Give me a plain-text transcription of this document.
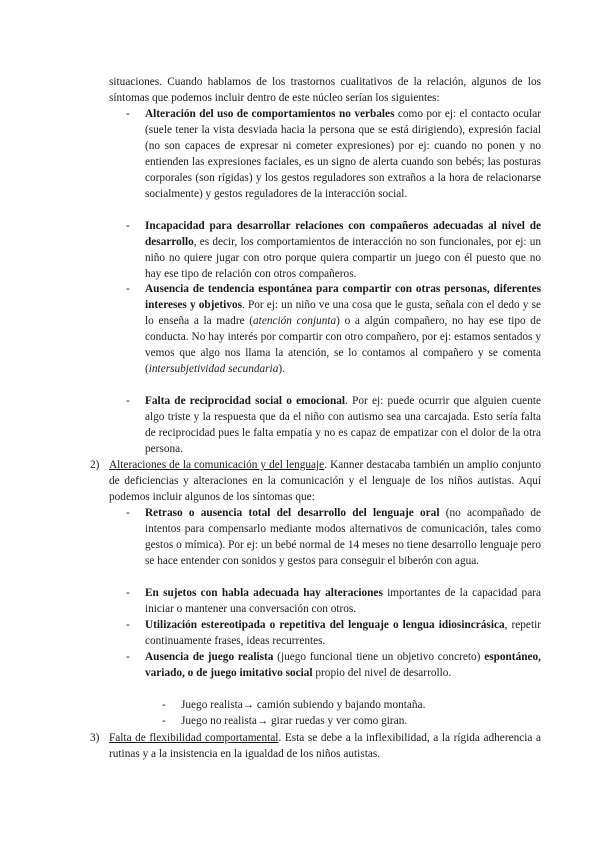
situaciones. Cuando hablamos de los trastornos cualitativos de la relación, algunos de los síntomas que podemos incluir dentro de este núcleo serían los siguientes:

- Alteración del uso de comportamientos no verbales como por ej: el contacto ocular (suele tener la vista desviada hacia la persona que se está dirigiendo), expresión facial (no son capaces de expresar ni cometer expresiones) por ej: cuando no ponen y no entienden las expresiones faciales, es un signo de alerta cuando son bebés; las posturas corporales (son rígidas) y los gestos reguladores son extraños a la hora de relacionarse socialmente) y gestos reguladores de la interacción social.

- Incapacidad para desarrollar relaciones con compañeros adecuadas al nivel de desarrollo, es decir, los comportamientos de interacción no son funcionales, por ej: un niño no quiere jugar con otro porque quiera compartir un juego con él puesto que no hay ese tipo de relación con otros compañeros.

- Ausencia de tendencia espontánea para compartir con otras personas, diferentes intereses y objetivos. Por ej: un niño ve una cosa que le gusta, señala con el dedo y se lo enseña a la madre (atención conjunta) o a algún compañero, no hay ese tipo de conducta. No hay interés por compartir con otro compañero, por ej: estamos sentados y vemos que algo nos llama la atención, se lo contamos al compañero y se comenta (intersubjetividad secundaria).

- Falta de reciprocidad social o emocional. Por ej: puede ocurrir que alguien cuente algo triste y la respuesta que da el niño con autismo sea una carcajada. Esto sería falta de reciprocidad pues le falta empatía y no es capaz de empatizar con el dolor de la otra persona.

2) Alteraciones de la comunicación y del lenguaje. Kanner destacaba también un amplio conjunto de deficiencias y alteraciones en la comunicación y el lenguaje de los niños autistas. Aquí podemos incluir algunos de los síntomas que:

- Retraso o ausencia total del desarrollo del lenguaje oral (no acompañado de intentos para compensarlo mediante modos alternativos de comunicación, tales como gestos o mímica). Por ej: un bebé normal de 14 meses no tiene desarrollo lenguaje pero se hace entender con sonidos y gestos para conseguir el biberón con agua.

- En sujetos con habla adecuada hay alteraciones importantes de la capacidad para iniciar o mantener una conversación con otros.

- Utilización estereotipada o repetitiva del lenguaje o lengua idiosincrásica, repetir continuamente frases, ideas recurrentes.

- Ausencia de juego realista (juego funcional tiene un objetivo concreto) espontáneo, variado, o de juego imitativo social propio del nivel de desarrollo.

- Juego realista→ camión subiendo y bajando montaña.

- Juego no realista→ girar ruedas y ver como giran.

3) Falta de flexibilidad comportamental. Esta se debe a la inflexibilidad, a la rígida adherencia a rutinas y a la insistencia en la igualdad de los niños autistas.
